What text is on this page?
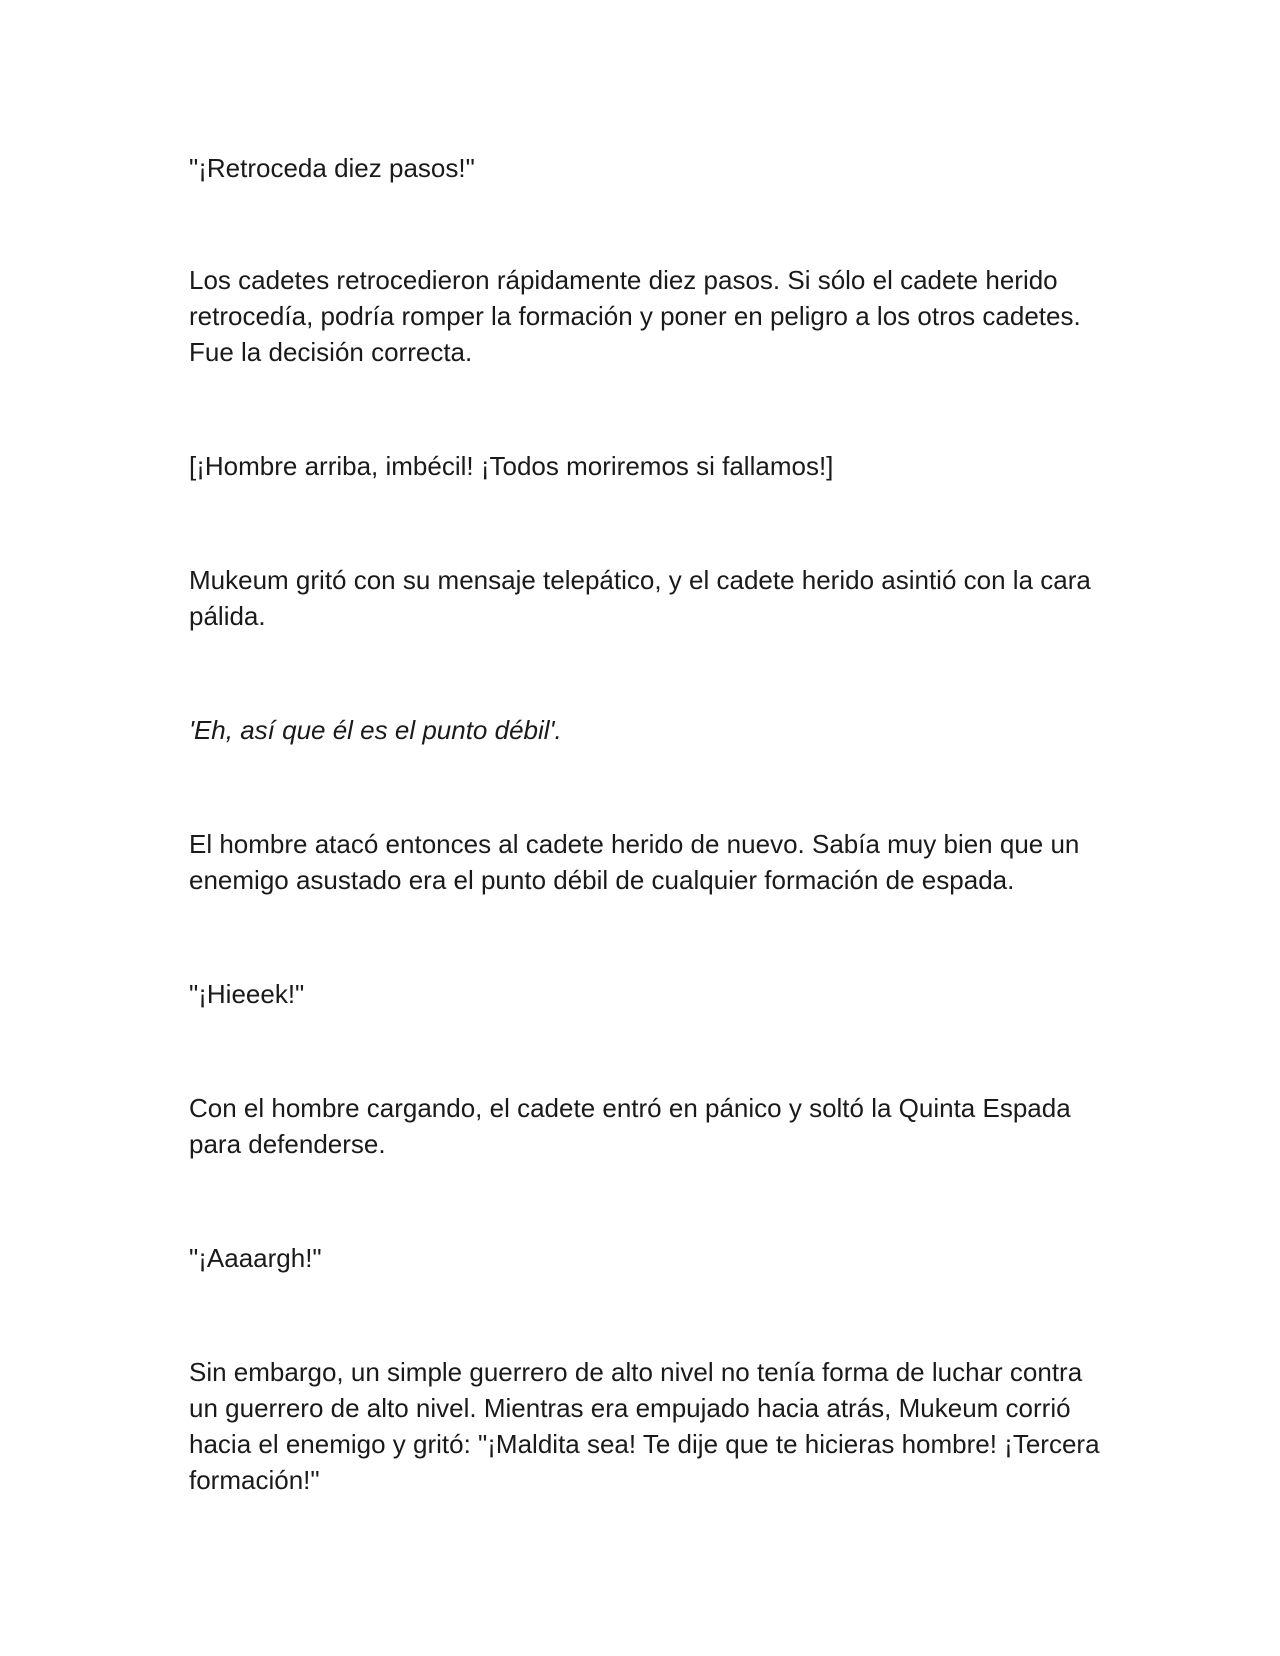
"¡Retroceda diez pasos!"

Los cadetes retrocedieron rápidamente diez pasos. Si sólo el cadete herido retrocedía, podría romper la formación y poner en peligro a los otros cadetes. Fue la decisión correcta.

[¡Hombre arriba, imbécil! ¡Todos moriremos si fallamos!]

Mukeum gritó con su mensaje telepático, y el cadete herido asintió con la cara pálida.

'Eh, así que él es el punto débil'.

El hombre atacó entonces al cadete herido de nuevo. Sabía muy bien que un enemigo asustado era el punto débil de cualquier formación de espada.

"¡Hieeek!"

Con el hombre cargando, el cadete entró en pánico y soltó la Quinta Espada para defenderse.

"¡Aaaargh!"

Sin embargo, un simple guerrero de alto nivel no tenía forma de luchar contra un guerrero de alto nivel. Mientras era empujado hacia atrás, Mukeum corrió hacia el enemigo y gritó: "¡Maldita sea! Te dije que te hicieras hombre! ¡Tercera formación!"
